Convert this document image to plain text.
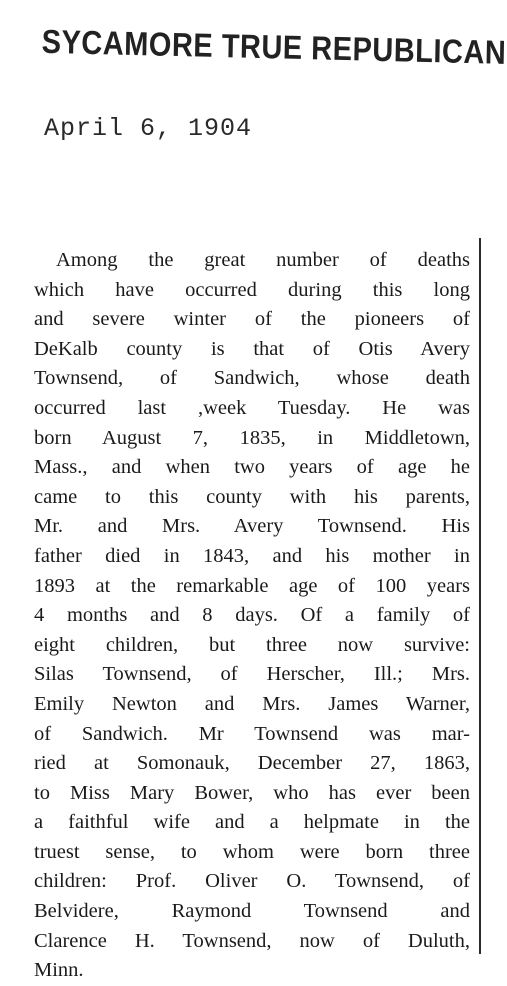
SYCAMORE TRUE REPUBLICAN
April 6, 1904
Among the great number of deaths
which have occurred during this long
and severe winter of the pioneers of
DeKalb county is that of Otis Avery
Townsend, of Sandwich, whose death
occurred last ,week Tuesday. He was
born August 7, 1835, in Middletown,
Mass., and when two years of age he
came to this county with his parents,
Mr. and Mrs. Avery Townsend. His
father died in 1843, and his mother in
1893 at the remarkable age of 100 years
4 months and 8 days. Of a family of
eight children, but three now survive:
Silas Townsend, of Herscher, Ill.; Mrs.
Emily Newton and Mrs. James Warner,
of Sandwich. Mr Townsend was mar-
ried at Somonauk, December 27, 1863,
to Miss Mary Bower, who has ever been
a faithful wife and a helpmate in the
truest sense, to whom were born three
children: Prof. Oliver O. Townsend, of
Belvidere, Raymond Townsend and
Clarence H. Townsend, now of Duluth,
Minn.
